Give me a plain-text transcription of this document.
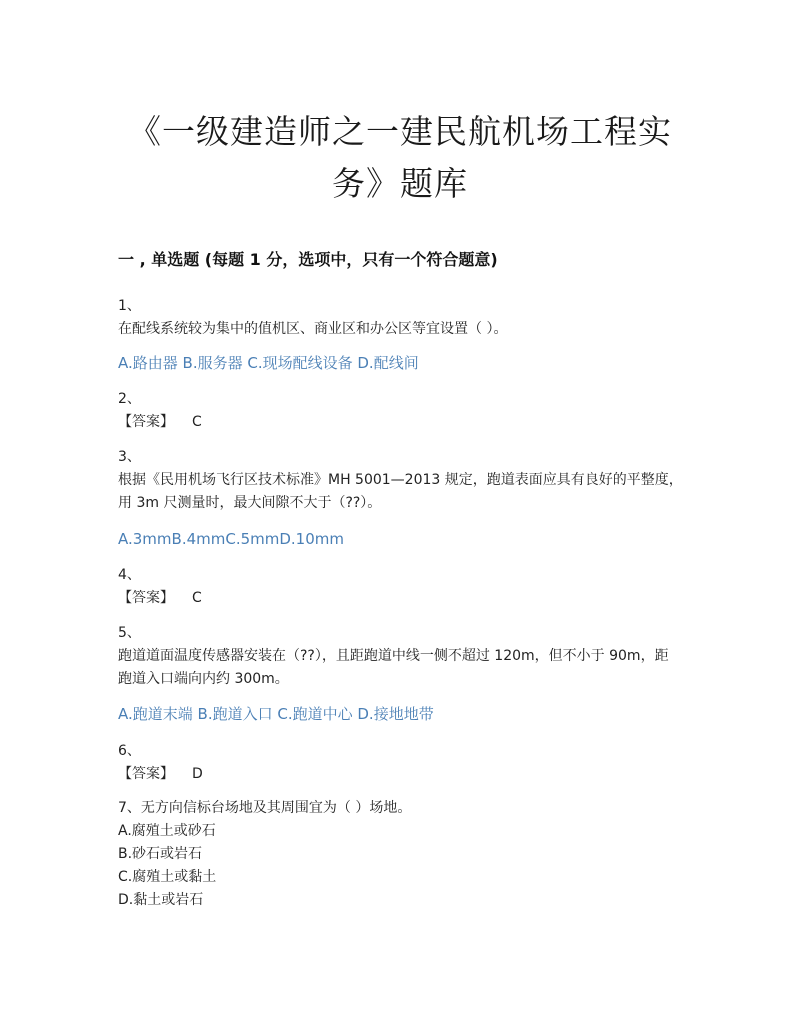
《一级建造师之一建民航机场工程实
务》题库
一 , 单选题 (每题 1 分，选项中，只有一个符合题意)
1、
在配线系统较为集中的值机区、商业区和办公区等宜设置（ ）。
A.路由器 B.服务器 C.现场配线设备 D.配线间
2、
【答案】 C
3、
根据《民用机场飞行区技术标准》MH 5001—2013 规定，跑道表面应具有良好的平整度，
用 3m 尺测量时，最大间隙不大于（??）。
A.3mmB.4mmC.5mmD.10mm
4、
【答案】 C
5、
跑道道面温度传感器安装在（??），且距跑道中线一侧不超过 120m，但不小于 90m，距
跑道入口端向内约 300m。
A.跑道末端 B.跑道入口 C.跑道中心 D.接地地带
6、
【答案】 D
7、无方向信标台场地及其周围宜为（ ）场地。
A.腐殖土或砂石
B.砂石或岩石
C.腐殖土或黏土
D.黏土或岩石
